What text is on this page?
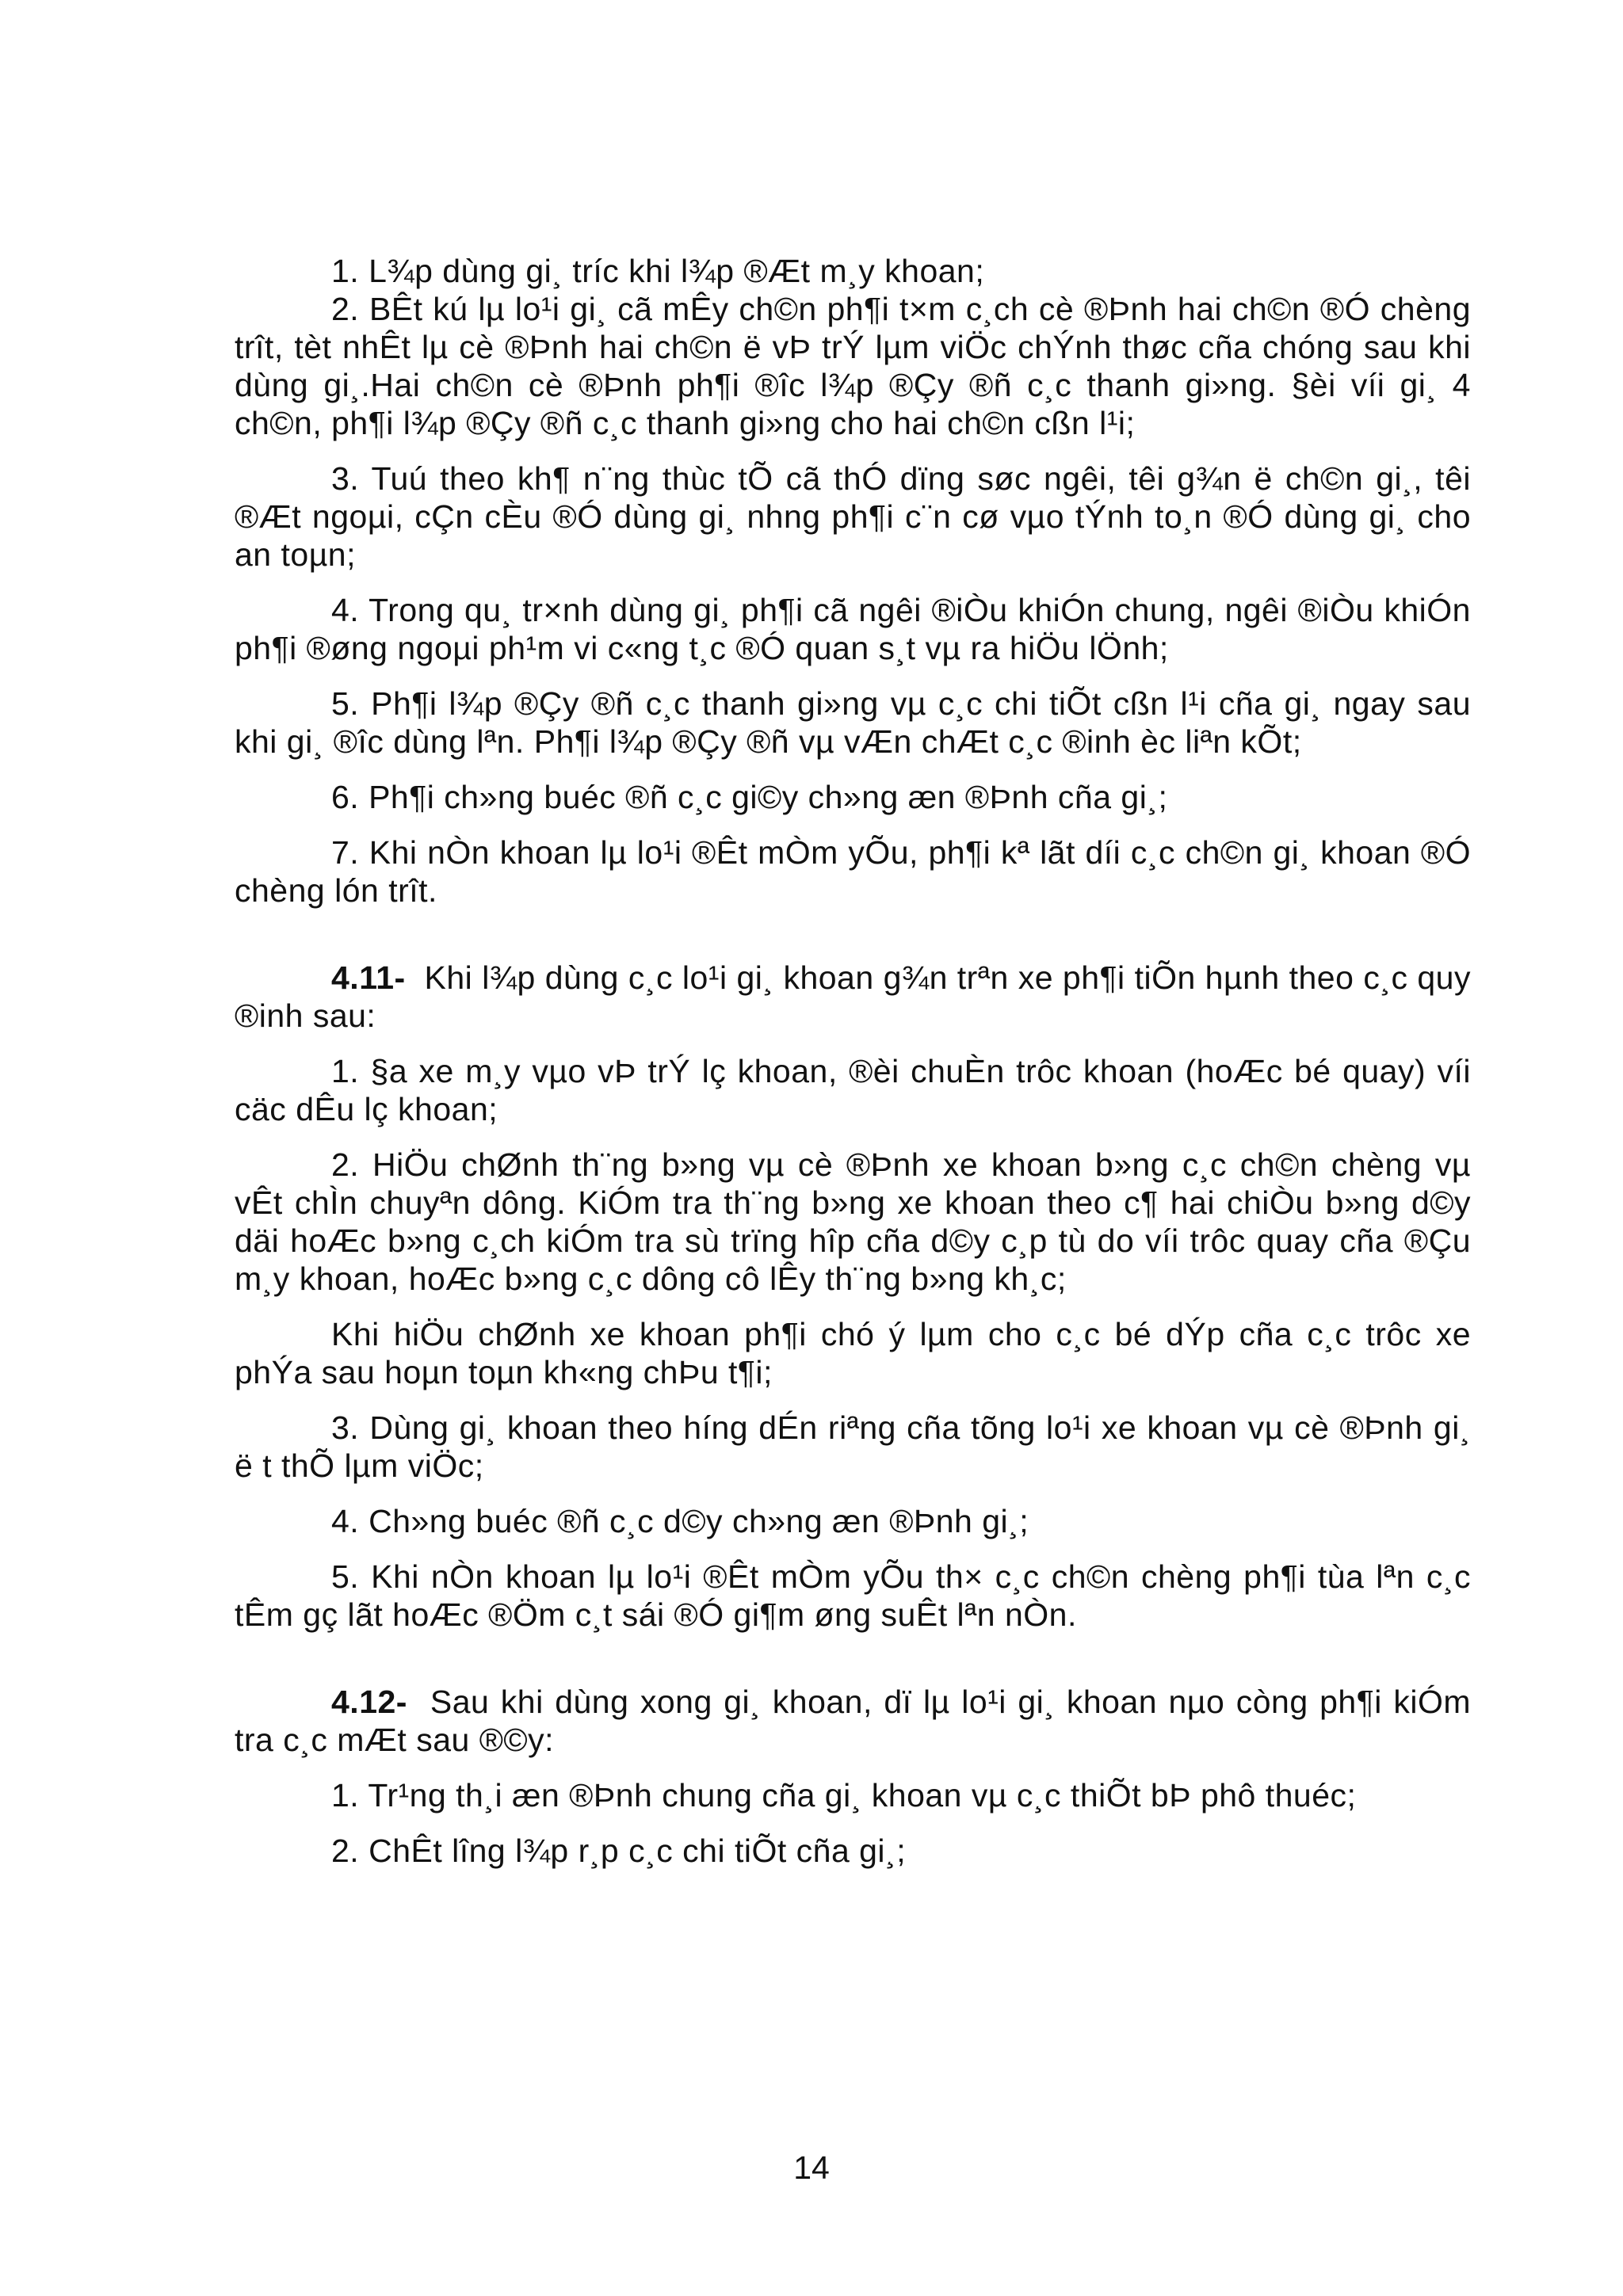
1. L¾p dùng gi¸ tríc khi l¾p ®Æt m¸y khoan;

2. BÊt kú lµ lo¹i gi¸ cã mÊy ch©n ph¶i t×m c¸ch cè ®Þnh hai ch©n ®Ó chèng trît, tèt nhÊt lµ cè ®Þnh hai ch©n ë vÞ trÝ lµm viÖc chÝnh thøc cña chóng sau khi dùng gi¸.Hai ch©n cè ®Þnh ph¶i ®îc l¾p ®Çy ®ñ c¸c thanh gi»ng. §èi víi gi¸ 4 ch©n, ph¶i l¾p ®Çy ®ñ c¸c thanh gi»ng cho hai ch©n cßn l¹i;

3. Tuú theo kh¶ n¨ng thùc tÕ cã thÓ dïng søc ngêi, têi g¾n ë ch©n gi¸, têi ®Æt ngoµi, cÇn cÈu ®Ó dùng gi¸ nhng ph¶i c¨n cø vµo tÝnh to¸n ®Ó dùng gi¸ cho an toµn;

4. Trong qu¸ tr×nh dùng gi¸ ph¶i cã ngêi ®iÒu khiÓn chung, ngêi ®iÒu khiÓn ph¶i ®øng ngoµi ph¹m vi c«ng t¸c ®Ó quan s¸t vµ ra hiÖu lÖnh;

5. Ph¶i l¾p ®Çy ®ñ c¸c thanh gi»ng vµ c¸c chi tiÕt cßn l¹i cña gi¸ ngay sau khi gi¸ ®îc dùng lªn. Ph¶i l¾p ®Çy ®ñ vµ vÆn chÆt c¸c ®inh èc liªn kÕt;

6. Ph¶i ch»ng buéc ®ñ c¸c gi©y ch»ng æn ®Þnh cña gi¸;

7. Khi nÒn khoan lµ lo¹i ®Êt mÒm yÕu, ph¶i kª lãt díi c¸c ch©n gi¸ khoan ®Ó chèng lón trît.

4.11- Khi l¾p dùng c¸c lo¹i gi¸ khoan g¾n trªn xe ph¶i tiÕn hµnh theo c¸c quy ®inh sau:

1. §a xe m¸y vµo vÞ trÝ lç khoan, ®èi chuÈn trôc khoan (hoÆc bé quay) víi cäc dÊu lç khoan;

2. HiÖu chØnh th¨ng b»ng vµ cè ®Þnh xe khoan b»ng c¸c ch©n chèng vµ vÊt chÌn chuyªn dông. KiÓm tra th¨ng b»ng xe khoan theo c¶ hai chiÒu b»ng d©y däi hoÆc b»ng c¸ch kiÓm tra sù trïng hîp cña d©y c¸p tù do víi trôc quay cña ®Çu m¸y khoan, hoÆc b»ng c¸c dông cô lÊy th¨ng b»ng kh¸c;

Khi hiÖu chØnh xe khoan ph¶i chó ý lµm cho c¸c bé dÝp cña c¸c trôc xe phÝa sau hoµn toµn kh«ng chÞu t¶i;

3. Dùng gi¸ khoan theo híng dÉn riªng cña tõng lo¹i xe khoan vµ cè ®Þnh gi¸ ë t thÕ lµm viÖc;

4. Ch»ng buéc ®ñ c¸c d©y ch»ng æn ®Þnh gi¸;

5. Khi nÒn khoan lµ lo¹i ®Êt mÒm yÕu th× c¸c ch©n chèng ph¶i tùa lªn c¸c tÊm gç lãt hoÆc ®Öm c¸t sái ®Ó gi¶m øng suÊt lªn nÒn.

4.12- Sau khi dùng xong gi¸ khoan, dï lµ lo¹i gi¸ khoan nµo còng ph¶i kiÓm tra c¸c mÆt sau ®©y:

1. Tr¹ng th¸i æn ®Þnh chung cña gi¸ khoan vµ c¸c thiÕt bÞ phô thuéc;

2. ChÊt lîng l¾p r¸p c¸c chi tiÕt cña gi¸;

14
